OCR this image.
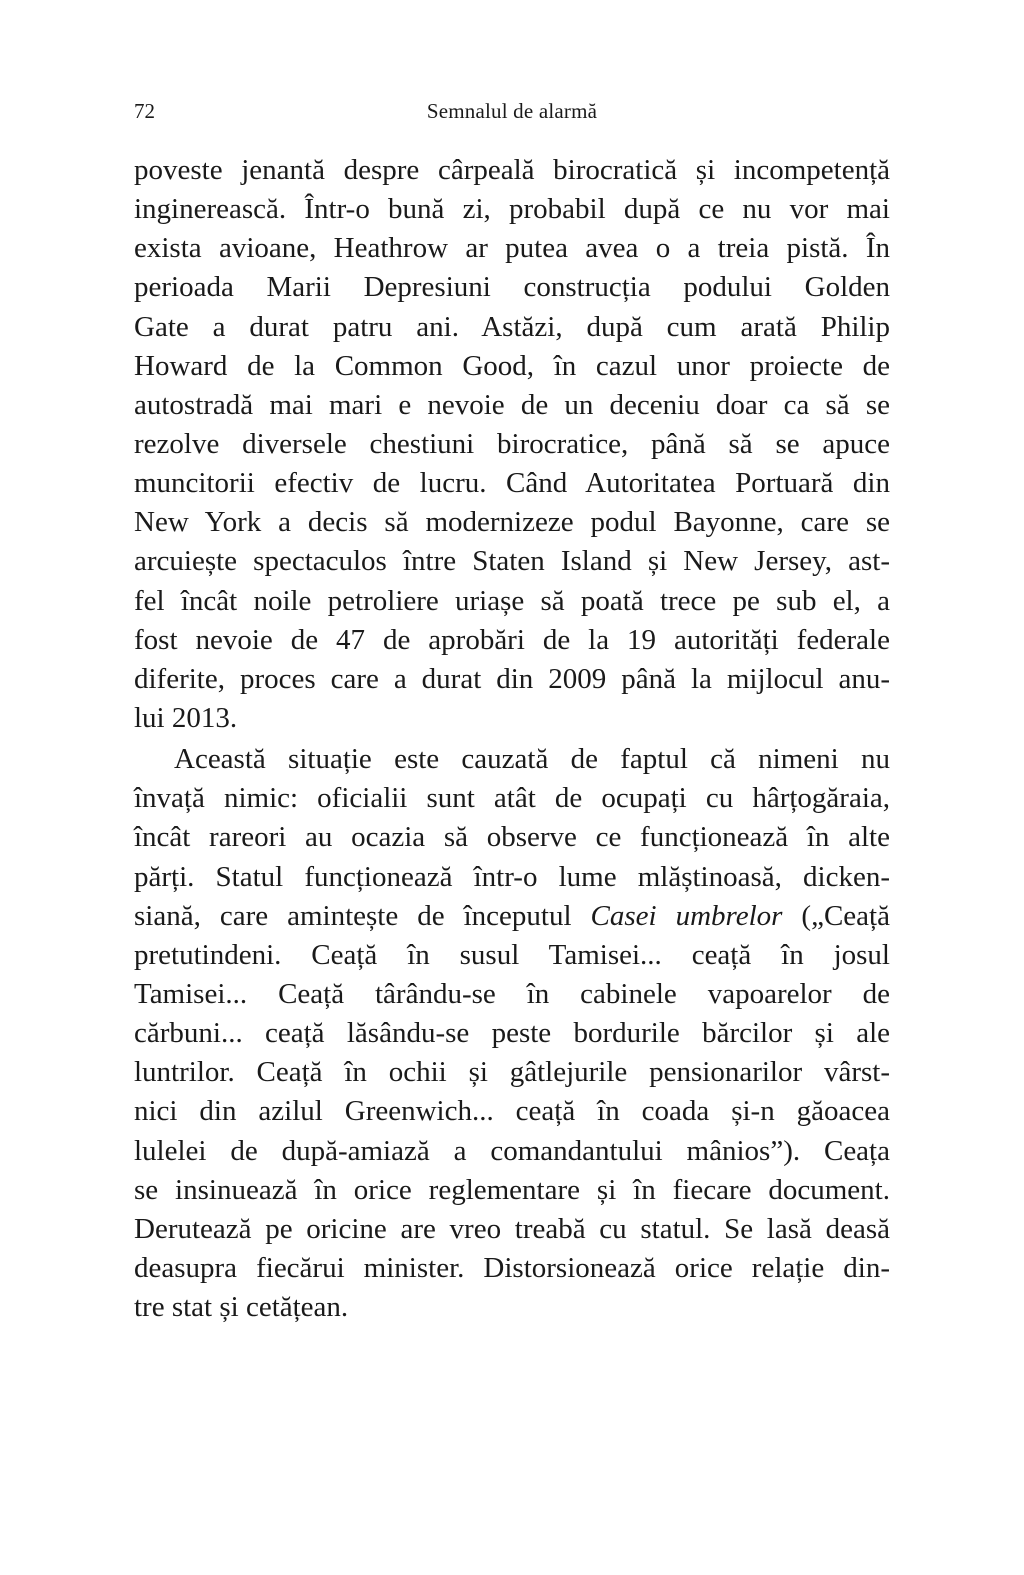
72	Semnalul de alarmă
poveste jenantă despre cârpeală birocratică și incompetență
inginerească. Într-o bună zi, probabil după ce nu vor mai
exista avioane, Heathrow ar putea avea o a treia pistă. În
perioada Marii Depresiuni construcția podului Golden
Gate a durat patru ani. Astăzi, după cum arată Philip
Howard de la Common Good, în cazul unor proiecte de
autostradă mai mari e nevoie de un deceniu doar ca să se
rezolve diversele chestiuni birocratice, până să se apuce
muncitorii efectiv de lucru. Când Autoritatea Portuară din
New York a decis să modernizeze podul Bayonne, care se
arcuiește spectaculos între Staten Island și New Jersey, ast-
fel încât noile petroliere uriașe să poată trece pe sub el, a
fost nevoie de 47 de aprobări de la 19 autorități federale
diferite, proces care a durat din 2009 până la mijlocul anu-
lui 2013.
Această situație este cauzată de faptul că nimeni nu
învață nimic: oficialii sunt atât de ocupați cu hârțogăraia,
încât rareori au ocazia să observe ce funcționează în alte
părți. Statul funcționează într-o lume mlăștinoasă, dicken-
siană, care amintește de începutul Casei umbrelor („Ceață
pretutindeni. Ceață în susul Tamisei... ceață în josul
Tamisei... Ceață târându-se în cabinele vapoarelor de
cărbuni... ceață lăsându-se peste bordurile bărcilor și ale
luntrilor. Ceață în ochii și gâtlejurile pensionarilor vârst-
nici din azilul Greenwich... ceață în coada și-n găoacea
lulelei de după-amiază a comandantului mânios”). Ceața
se insinuează în orice reglementare și în fiecare document.
Derutează pe oricine are vreo treabă cu statul. Se lasă deasă
deasupra fiecărui minister. Distorsionează orice relație din-
tre stat și cetățean.
